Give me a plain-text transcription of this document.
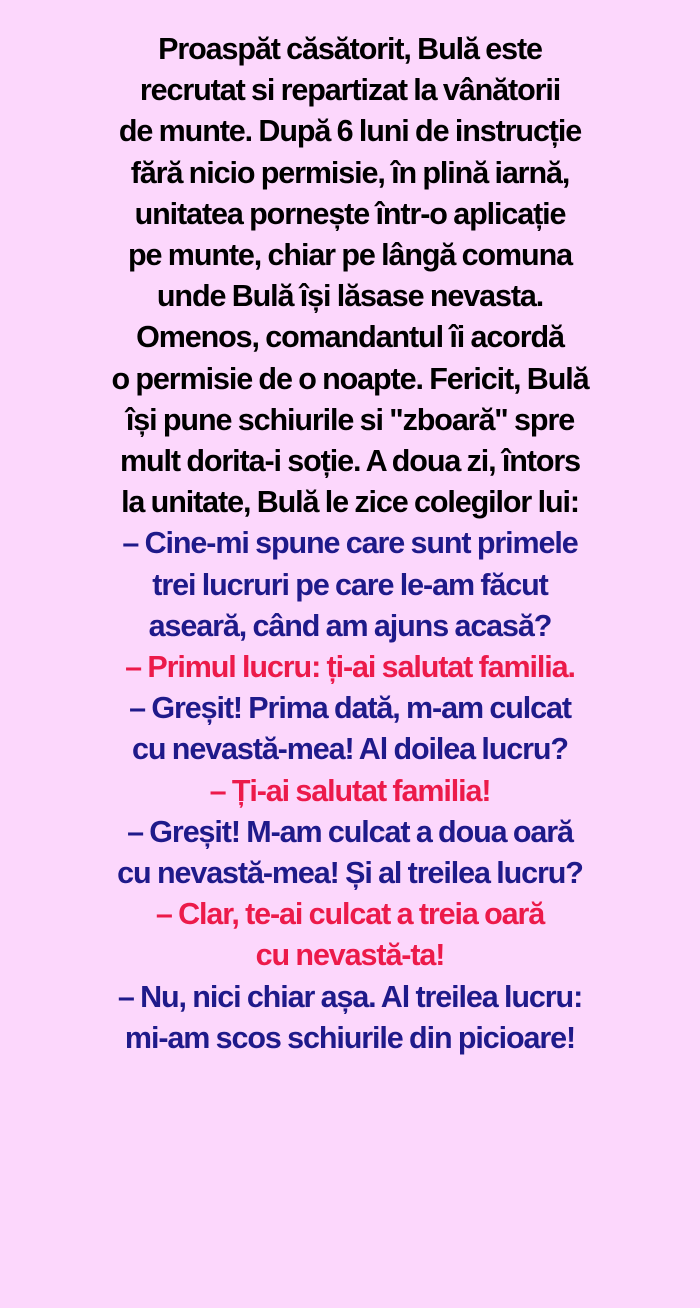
Proaspăt căsătorit, Bulă este
recrutat si repartizat la vânătorii
de munte. După 6 luni de instrucție
fără nicio permisie, în plină iarnă,
unitatea pornește într-o aplicație
pe munte, chiar pe lângă comuna
unde Bulă își lăsase nevasta.
Omenos, comandantul îi acordă
o permisie de o noapte. Fericit, Bulă
își pune schiurile si "zboară" spre
mult dorita-i soție. A doua zi, întors
la unitate, Bulă le zice colegilor lui:
– Cine-mi spune care sunt primele
trei lucruri pe care le-am făcut
aseară, când am ajuns acasă?
– Primul lucru: ți-ai salutat familia.
– Greșit! Prima dată, m-am culcat
cu nevastă-mea! Al doilea lucru?
– Ți-ai salutat familia!
– Greșit! M-am culcat a doua oară
cu nevastă-mea! Și al treilea lucru?
– Clar, te-ai culcat a treia oară
cu nevastă-ta!
– Nu, nici chiar așa. Al treilea lucru:
mi-am scos schiurile din picioare!
